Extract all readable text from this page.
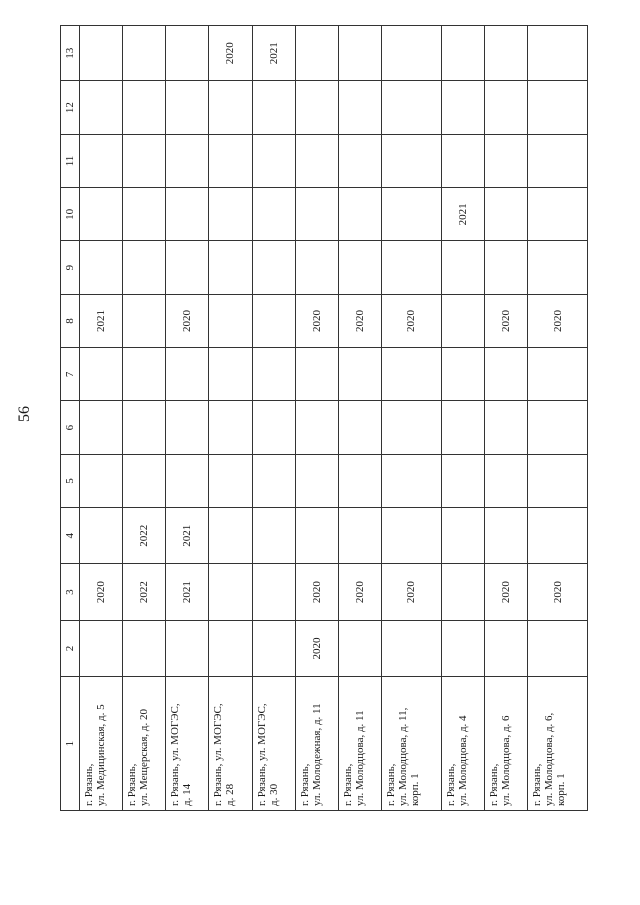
56
1	2	3	4	5	6	7	8	9	10	11	12	13

г. Рязань, ул. Медицинская, д. 5		2020					2021					

г. Рязань, ул. Мещерская, д. 20		2022	2022									

г. Рязань, ул. МОГЭС, д. 14		2021	2021				2020					

г. Рязань, ул. МОГЭС, д. 28												2020

г. Рязань, ул. МОГЭС, д. 30												2021

г. Рязань, ул. Молодежная, д. 11	2020	2020					2020					

г. Рязань, ул. Молодцова, д. 11		2020					2020					

г. Рязань, ул. Молодцова, д. 11, корп. 1		2020					2020					

г. Рязань, ул. Молодцова, д. 4									2021			

г. Рязань, ул. Молодцова, д. 6		2020					2020					

г. Рязань, ул. Молодцова, д. 6, корп. 1		2020					2020					
